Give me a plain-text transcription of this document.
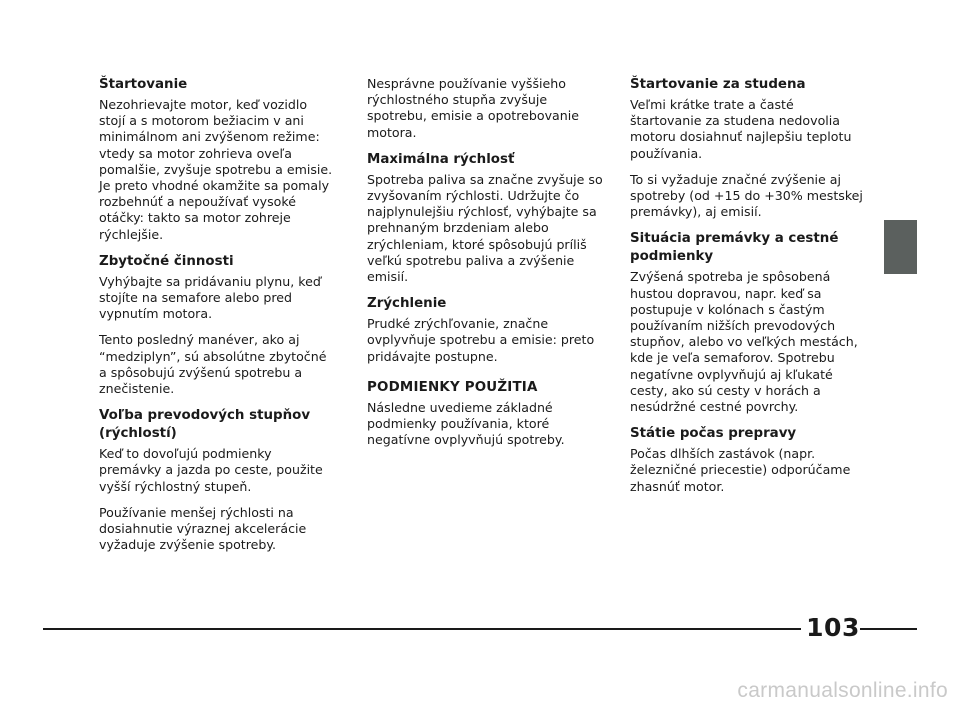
Štartovanie
Nezohrievajte motor, keď vozidlo stojí a s motorom bežiacim v ani minimálnom ani zvýšenom režime: vtedy sa motor zohrieva oveľa pomalšie, zvyšuje spotrebu a emisie. Je preto vhodné okamžite sa pomaly rozbehnúť a nepoužívať vysoké otáčky: takto sa motor zohreje rýchlejšie.
Zbytočné činnosti
Vyhýbajte sa pridávaniu plynu, keď stojíte na semafore alebo pred vypnutím motora.
Tento posledný manéver, ako aj “medziplyn”, sú absolútne zbytočné a spôsobujú zvýšenú spotrebu a znečistenie.
Voľba prevodových stupňov (rýchlostí)
Keď to dovoľujú podmienky premávky a jazda po ceste, použite vyšší rýchlostný stupeň.
Používanie menšej rýchlosti na dosiahnutie výraznej akcelerácie vyžaduje zvýšenie spotreby.
Nesprávne používanie vyššieho rýchlostného stupňa zvyšuje spotrebu, emisie a opotrebovanie motora.
Maximálna rýchlosť
Spotreba paliva sa značne zvyšuje so zvyšovaním rýchlosti. Udržujte čo najplynulejšiu rýchlosť, vyhýbajte sa prehnaným brzdeniam alebo zrýchleniam, ktoré spôsobujú príliš veľkú spotrebu paliva a zvýšenie emisií.
Zrýchlenie
Prudké zrýchľovanie, značne ovplyvňuje spotrebu a emisie: preto pridávajte postupne.
PODMIENKY POUŽITIA
Následne uvedieme základné podmienky používania, ktoré negatívne ovplyvňujú spotreby.
Štartovanie za studena
Veľmi krátke trate a časté štartovanie za studena nedovolia motoru dosiahnuť najlepšiu teplotu používania.
To si vyžaduje značné zvýšenie aj spotreby (od +15 do +30% mestskej premávky), aj emisií.
Situácia premávky a cestné podmienky
Zvýšená spotreba je spôsobená hustou dopravou, napr. keď sa postupuje v kolónach s častým používaním nižších prevodových stupňov, alebo vo veľkých mestách, kde je veľa semaforov. Spotrebu negatívne ovplyvňujú aj kľukaté cesty, ako sú cesty v horách a nesúdržné cestné povrchy.
Státie počas prepravy
Počas dlhších zastávok (napr. železničné priecestie) odporúčame zhasnúť motor.
103
carmanualsonline.info
